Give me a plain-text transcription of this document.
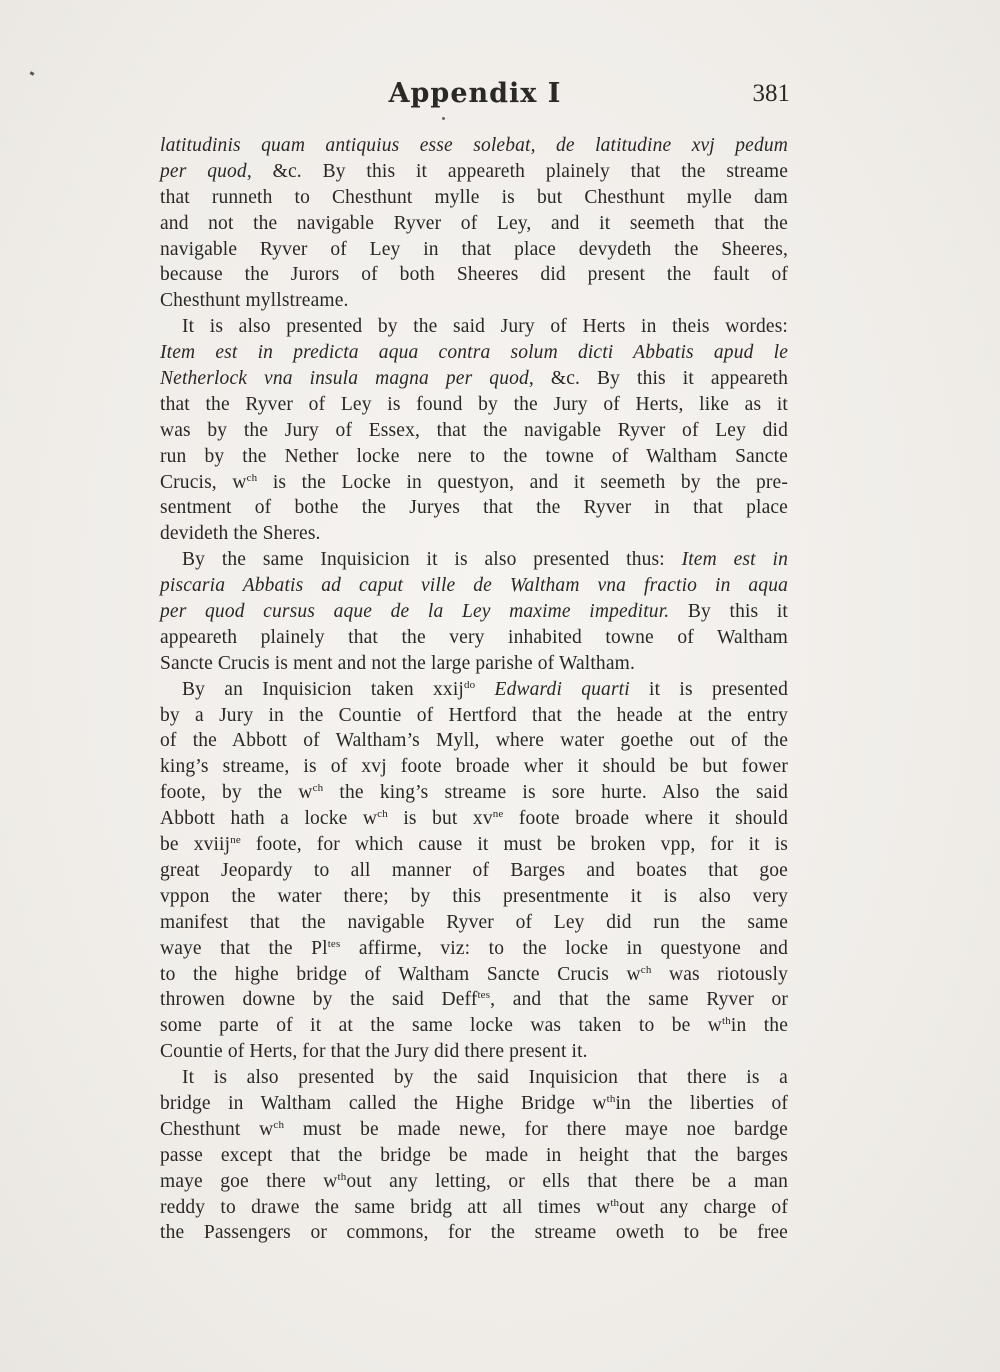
Appendix I	381
latitudinis quam antiquius esse solebat, de latitudine xvj pedum
per quod, &c. By this it appeareth plainely that the streame
that runneth to Chesthunt mylle is but Chesthunt mylle dam
and not the navigable Ryver of Ley, and it seemeth that the
navigable Ryver of Ley in that place devydeth the Sheeres,
because the Jurors of both Sheeres did present the fault of
Chesthunt myllstreame.
It is also presented by the said Jury of Herts in theis wordes:
Item est in predicta aqua contra solum dicti Abbatis apud le
Netherlock vna insula magna per quod, &c. By this it appeareth
that the Ryver of Ley is found by the Jury of Herts, like as it
was by the Jury of Essex, that the navigable Ryver of Ley did
run by the Nether locke nere to the towne of Waltham Sancte
Crucis, $w^{ch}$ is the Locke in questyon, and it seemeth by the pre-
sentment of bothe the Juryes that the Ryver in that place
devideth the Sheres.
By the same Inquisicion it is also presented thus: Item est in
piscaria Abbatis ad caput ville de Waltham vna fractio in aqua
per quod cursus aque de la Ley maxime impeditur. By this it
appeareth plainely that the very inhabited towne of Waltham
Sancte Crucis is ment and not the large parishe of Waltham.
By an Inquisicion taken xxij$^{do}$ Edwardi quarti it is presented
by a Jury in the Countie of Hertford that the heade at the entry
of the Abbott of Waltham’s Myll, where water goethe out of the
king’s streame, is of xvj foote broade wher it should be but fower
foote, by the $w^{ch}$ the king’s streame is sore hurte. Also the said
Abbott hath a locke $w^{ch}$ is but $xv^{ne}$ foote broade where it should
be xviij$^{ne}$ foote, for which cause it must be broken vpp, for it is
great Jeopardy to all manner of Barges and boates that goe
vppon the water there; by this presentmente it is also very
manifest that the navigable Ryver of Ley did run the same
waye that the $Pl^{tes}$ affirme, viz: to the locke in questyone and
to the highe bridge of Waltham Sancte Crucis $w^{ch}$ was riotously
throwen downe by the said Deff$^{tes}$, and that the same Ryver or
some parte of it at the same locke was taken to be $w^{th}in$ the
Countie of Herts, for that the Jury did there present it.
It is also presented by the said Inquisicion that there is a
bridge in Waltham called the Highe Bridge $w^{th}in$ the liberties of
Chesthunt $w^{ch}$ must be made newe, for there maye noe bardge
passe except that the bridge be made in height that the barges
maye goe there $w^{th}out$ any letting, or ells that there be a man
reddy to drawe the same bridg att all times $w^{th}out$ any charge of
the Passengers or commons, for the streame oweth to be free
